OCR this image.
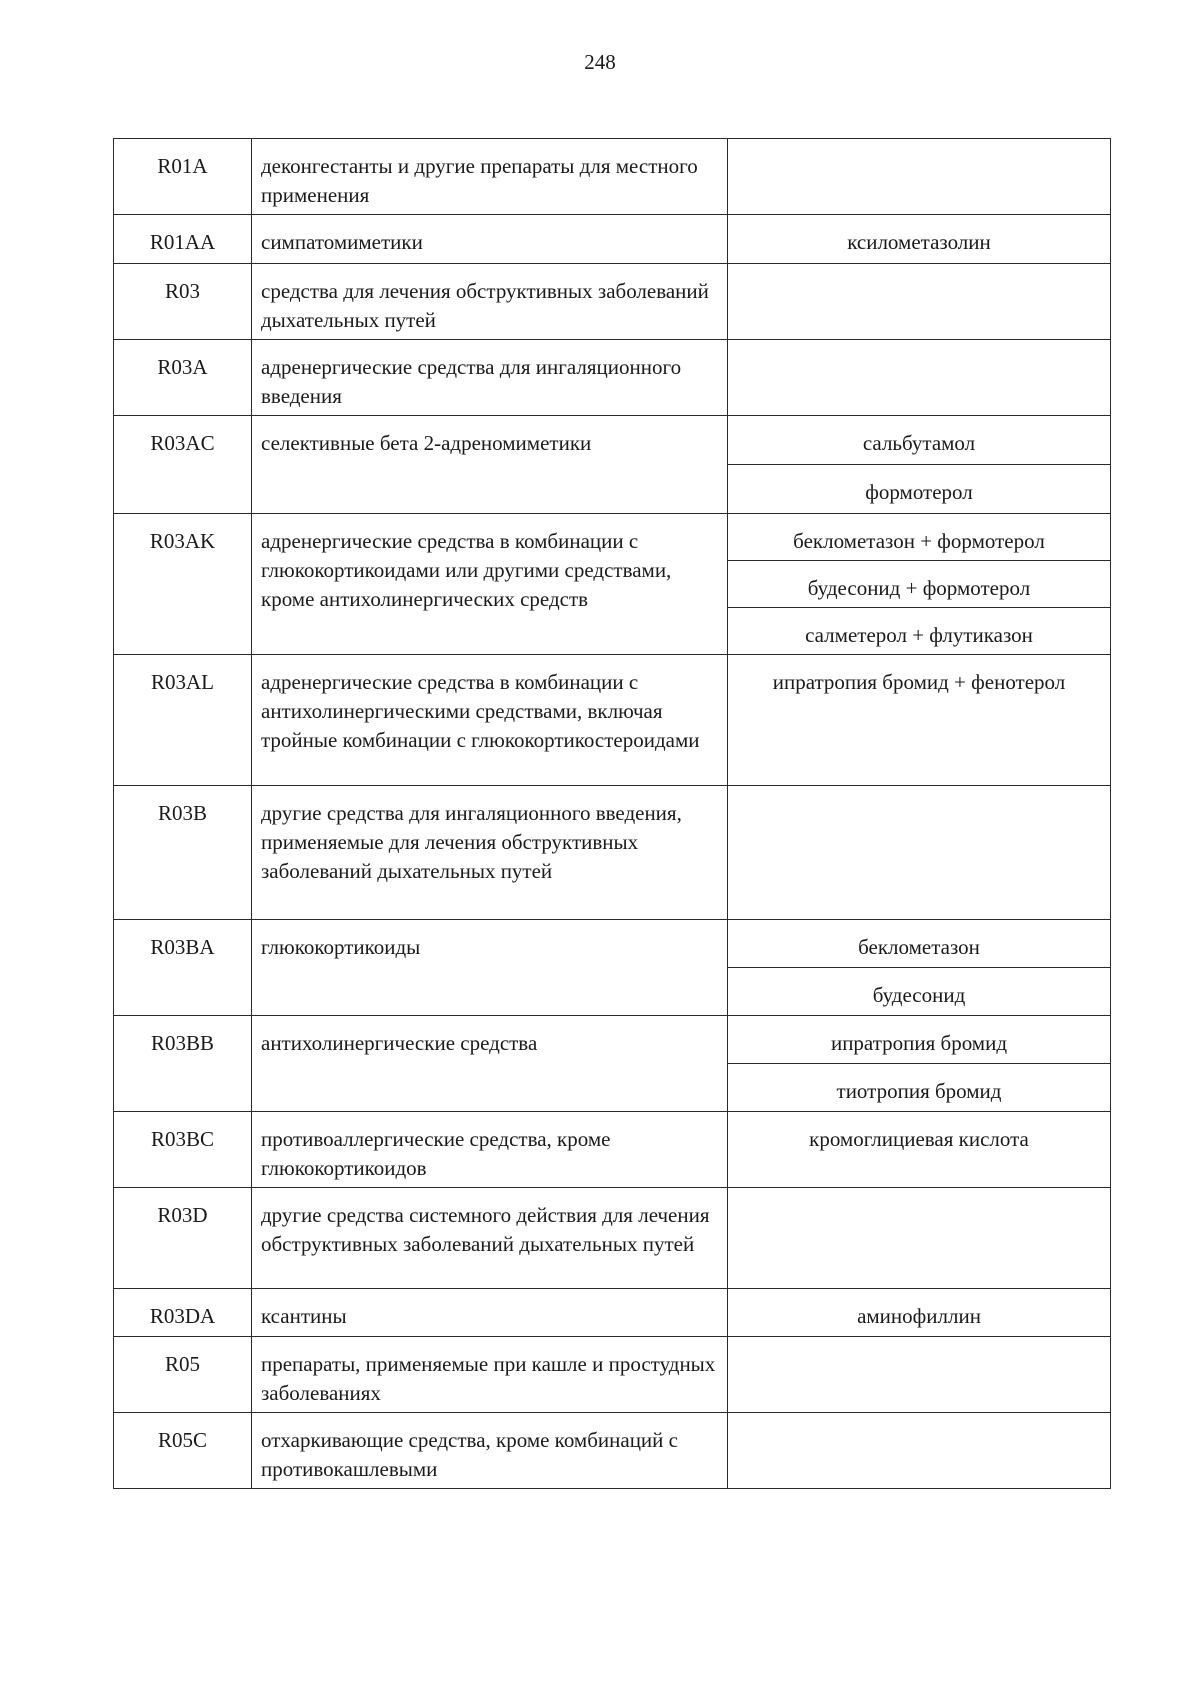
248
R01A	деконгестанты и другие препараты для местного применения	
R01AA	симпатомиметики	ксилометазолин
R03	средства для лечения обструктивных заболеваний дыхательных путей	
R03A	адренергические средства для ингаляционного введения	
R03AC	селективные бета 2-адреномиметики	сальбутамол
		формотерол
R03AK	адренергические средства в комбинации с глюкокортикоидами или другими средствами, кроме антихолинергических средств	беклометазон + формотерол
		будесонид + формотерол
		салметерол + флутиказон
R03AL	адренергические средства в комбинации с антихолинергическими средствами, включая тройные комбинации с глюкокортикостероидами	ипратропия бромид + фенотерол
R03B	другие средства для ингаляционного введения, применяемые для лечения обструктивных заболеваний дыхательных путей	
R03BA	глюкокортикоиды	беклометазон
		будесонид
R03BB	антихолинергические средства	ипратропия бромид
		тиотропия бромид
R03BC	противоаллергические средства, кроме глюкокортикоидов	кромоглициевая кислота
R03D	другие средства системного действия для лечения обструктивных заболеваний дыхательных путей	
R03DA	ксантины	аминофиллин
R05	препараты, применяемые при кашле и простудных заболеваниях	
R05C	отхаркивающие средства, кроме комбинаций с противокашлевыми	
